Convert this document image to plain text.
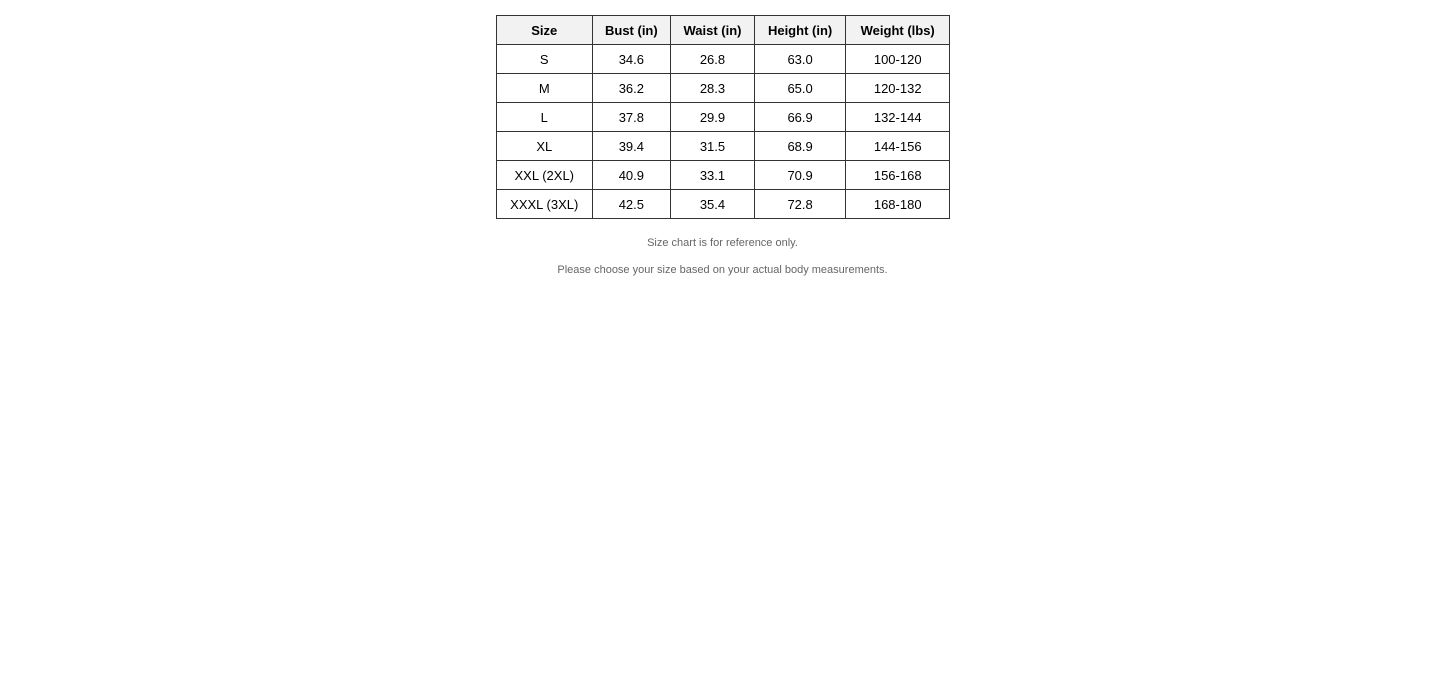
Size	Bust (in)	Waist (in)	Height (in)	Weight (lbs)
S	34.6	26.8	63.0	100-120
M	36.2	28.3	65.0	120-132
L	37.8	29.9	66.9	132-144
XL	39.4	31.5	68.9	144-156
XXL (2XL)	40.9	33.1	70.9	156-168
XXXL (3XL)	42.5	35.4	72.8	168-180

Size chart is for reference only.

Please choose your size based on your actual body measurements.
